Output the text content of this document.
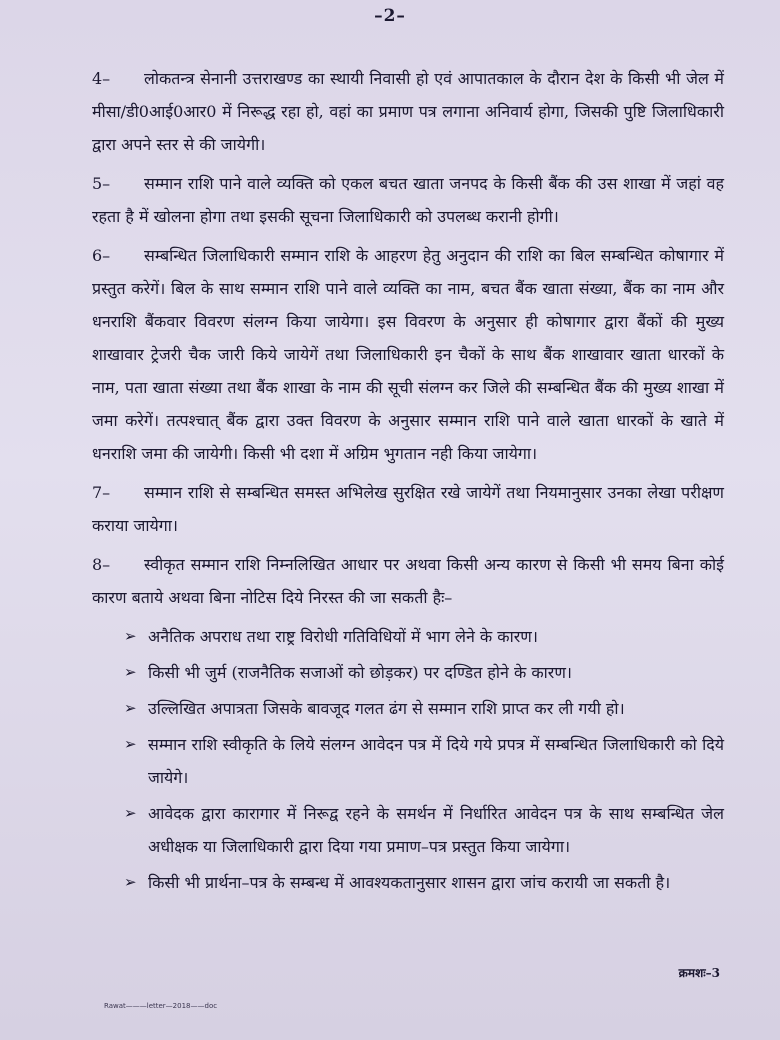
–2–

4– लोकतन्त्र सेनानी उत्तराखण्ड का स्थायी निवासी हो एवं आपातकाल के दौरान देश के किसी भी जेल में मीसा/डी0आई0आर0 में निरूद्ध रहा हो, वहां का प्रमाण पत्र लगाना अनिवार्य होगा, जिसकी पुष्टि जिलाधिकारी द्वारा अपने स्तर से की जायेगी।

5– सम्मान राशि पाने वाले व्यक्ति को एकल बचत खाता जनपद के किसी बैंक की उस शाखा में जहां वह रहता है में खोलना होगा तथा इसकी सूचना जिलाधिकारी को उपलब्ध करानी होगी।

6– सम्बन्धित जिलाधिकारी सम्मान राशि के आहरण हेतु अनुदान की राशि का बिल सम्बन्धित कोषागार में प्रस्तुत करेगें। बिल के साथ सम्मान राशि पाने वाले व्यक्ति का नाम, बचत बैंक खाता संख्या, बैंक का नाम और धनराशि बैंकवार विवरण संलग्न किया जायेगा। इस विवरण के अनुसार ही कोषागार द्वारा बैंकों की मुख्य शाखावार ट्रेजरी चैक जारी किये जायेगें तथा जिलाधिकारी इन चैकों के साथ बैंक शाखावार खाता धारकों के नाम, पता खाता संख्या तथा बैंक शाखा के नाम की सूची संलग्न कर जिले की सम्बन्धित बैंक की मुख्य शाखा में जमा करेगें। तत्पश्चात् बैंक द्वारा उक्त विवरण के अनुसार सम्मान राशि पाने वाले खाता धारकों के खाते में धनराशि जमा की जायेगी। किसी भी दशा में अग्रिम भुगतान नही किया जायेगा।

7– सम्मान राशि से सम्बन्धित समस्त अभिलेख सुरक्षित रखे जायेगें तथा नियमानुसार उनका लेखा परीक्षण कराया जायेगा।

8– स्वीकृत सम्मान राशि निम्नलिखित आधार पर अथवा किसी अन्य कारण से किसी भी समय बिना कोई कारण बताये अथवा बिना नोटिस दिये निरस्त की जा सकती हैः–

➢ अनैतिक अपराध तथा राष्ट्र विरोधी गतिविधियों में भाग लेने के कारण।
➢ किसी भी जुर्म (राजनैतिक सजाओं को छोड़कर) पर दण्डित होने के कारण।
➢ उल्लिखित अपात्रता जिसके बावजूद गलत ढंग से सम्मान राशि प्राप्त कर ली गयी हो।
➢ सम्मान राशि स्वीकृति के लिये संलग्न आवेदन पत्र में दिये गये प्रपत्र में सम्बन्धित जिलाधिकारी को दिये जायेगे।
➢ आवेदक द्वारा कारागार में निरूद्व रहने के समर्थन में निर्धारित आवेदन पत्र के साथ सम्बन्धित जेल अधीक्षक या जिलाधिकारी द्वारा दिया गया प्रमाण–पत्र प्रस्तुत किया जायेगा।
➢ किसी भी प्रार्थना–पत्र के सम्बन्ध में आवश्यकतानुसार शासन द्वारा जांच करायी जा सकती है।
क्रमशः–3
Rawat———letter—2018——doc
